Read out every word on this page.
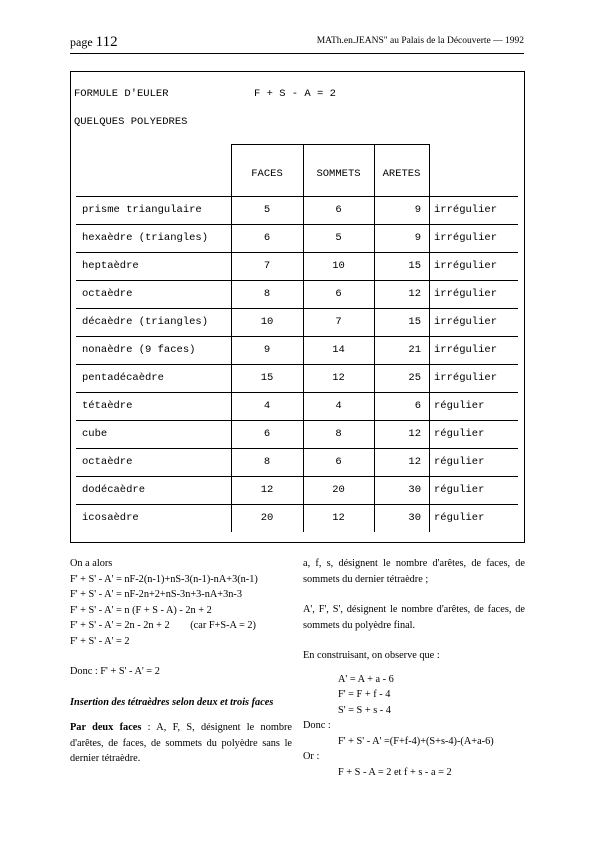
page 112	MATh.en.JEANS" au Palais de la Découverte — 1992
FORMULE D'EULER	F + S - A = 2
QUELQUES POLYEDRES
FACES	SOMMETS	ARETES
prisme triangulaire	5	6	9 irrégulier
hexaèdre (triangles)	6	5	9 irrégulier
heptaèdre	7	10	15 irrégulier
octaèdre	8	6	12 irrégulier
décaèdre (triangles)	10	7	15 irrégulier
nonaèdre (9 faces)	9	14	21 irrégulier
pentadécaèdre	15	12	25 irrégulier
tétaèdre	4	4	6 régulier
cube	6	8	12 régulier
octaèdre	8	6	12 régulier
dodécaèdre	12	20	30 régulier
icosaèdre	20	12	30 régulier

On a alors

F' + S' - A' = nF-2(n-1)+nS-3(n-1)-nA+3(n-1)

F' + S' - A' = nF-2n+2+nS-3n+3-nA+3n-3

F' + S' - A' = n (F + S - A) - 2n + 2

F' + S' - A' = 2n - 2n + 2        (car F+S-A = 2)

F' + S' - A' = 2

Donc : F' + S' - A' = 2

Insertion des tétraèdres selon deux et trois faces

Par deux faces : A, F, S, désignent le nombre d'arêtes, de faces, de sommets du polyèdre sans le dernier tétraèdre.

a, f, s, désignent le nombre d'arêtes, de faces, de sommets du dernier tétraèdre ;

A', F', S', désignent le nombre d'arêtes, de faces, de sommets du polyèdre final.

En construisant, on observe que :

A' = A + a - 6

F' = F + f - 4

S' = S + s - 4

Donc :

F' + S' - A' =(F+f-4)+(S+s-4)-(A+a-6)

Or :

F + S - A = 2 et f + s - a = 2
